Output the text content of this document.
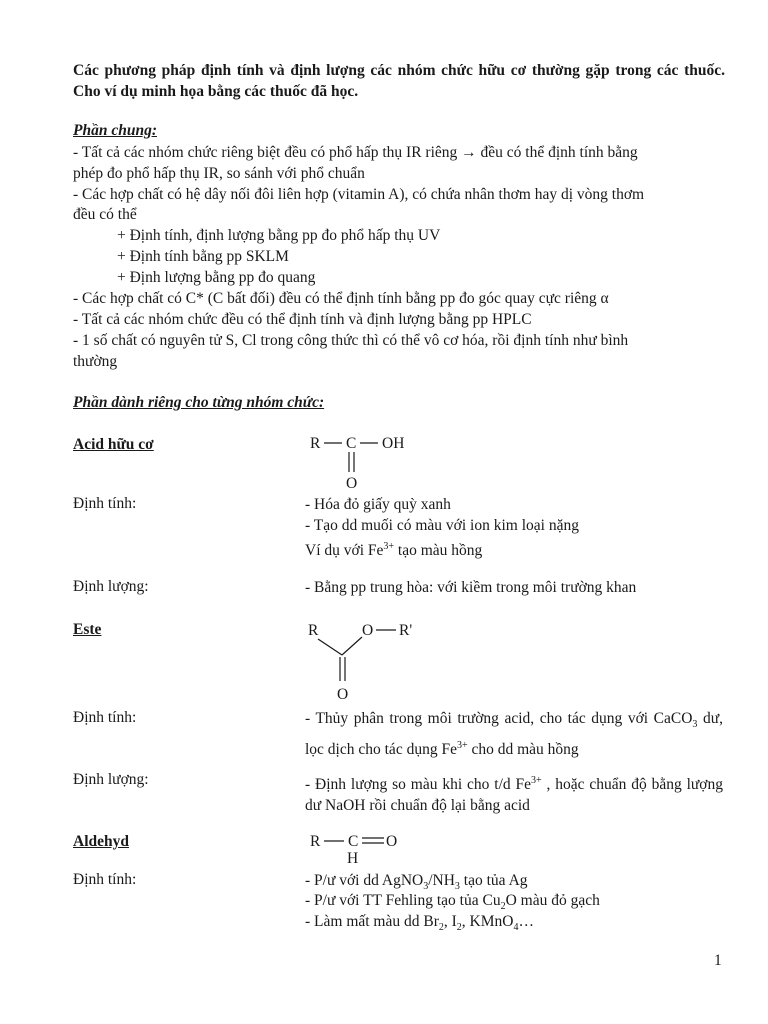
Các phương pháp định tính và định lượng các nhóm chức hữu cơ thường gặp trong các thuốc. Cho ví dụ minh họa bằng các thuốc đã học.
Phần chung:
- Tất cả các nhóm chức riêng biệt đều có phổ hấp thụ IR riêng → đều có thể định tính bằng
phép đo phổ hấp thụ IR, so sánh với phổ chuẩn
- Các hợp chất có hệ dây nối đôi liên hợp (vitamin A), có chứa nhân thơm hay dị vòng thơm
đều có thể
+ Định tính, định lượng bằng pp đo phổ hấp thụ UV
+ Định tính bằng pp SKLM
+ Định lượng bằng pp đo quang
- Các hợp chất có C* (C bất đối) đều có thể định tính bằng pp đo góc quay cực riêng α
- Tất cả các nhóm chức đều có thể định tính và định lượng bằng pp HPLC
- 1 số chất có nguyên tử S, Cl trong công thức thì có thể vô cơ hóa, rồi định tính như bình
thường
Phần dành riêng cho từng nhóm chức:
Acid hữu cơ	R C OH
O
Định tính:	- Hóa đỏ giấy quỳ xanh
- Tạo dd muối có màu với ion kim loại nặng
Ví dụ với $Fe^{3+}$ tạo màu hồng
Định lượng:	- Bằng pp trung hòa: với kiềm trong môi trường khan
Este	R	O R'
O
Định tính:	- Thủy phân trong môi trường acid, cho tác dụng với CaCO$_3$ dư, lọc dịch cho tác dụng $Fe^{3+}$ cho dd màu hồng
Định lượng:	- Định lượng so màu khi cho t/d $Fe^{3+}$ , hoặc chuẩn độ bằng lượng dư NaOH rồi chuẩn độ lại bằng acid
Aldehyd	R C O
H
Định tính:	- P/ư với dd $AgNO_3/NH_3$ tạo tủa Ag
- P/ư với TT Fehling tạo tủa $Cu_2O$ màu đỏ gạch
- Làm mất màu dd $Br_2$, $I_2$, KMnO$_4$…
1
